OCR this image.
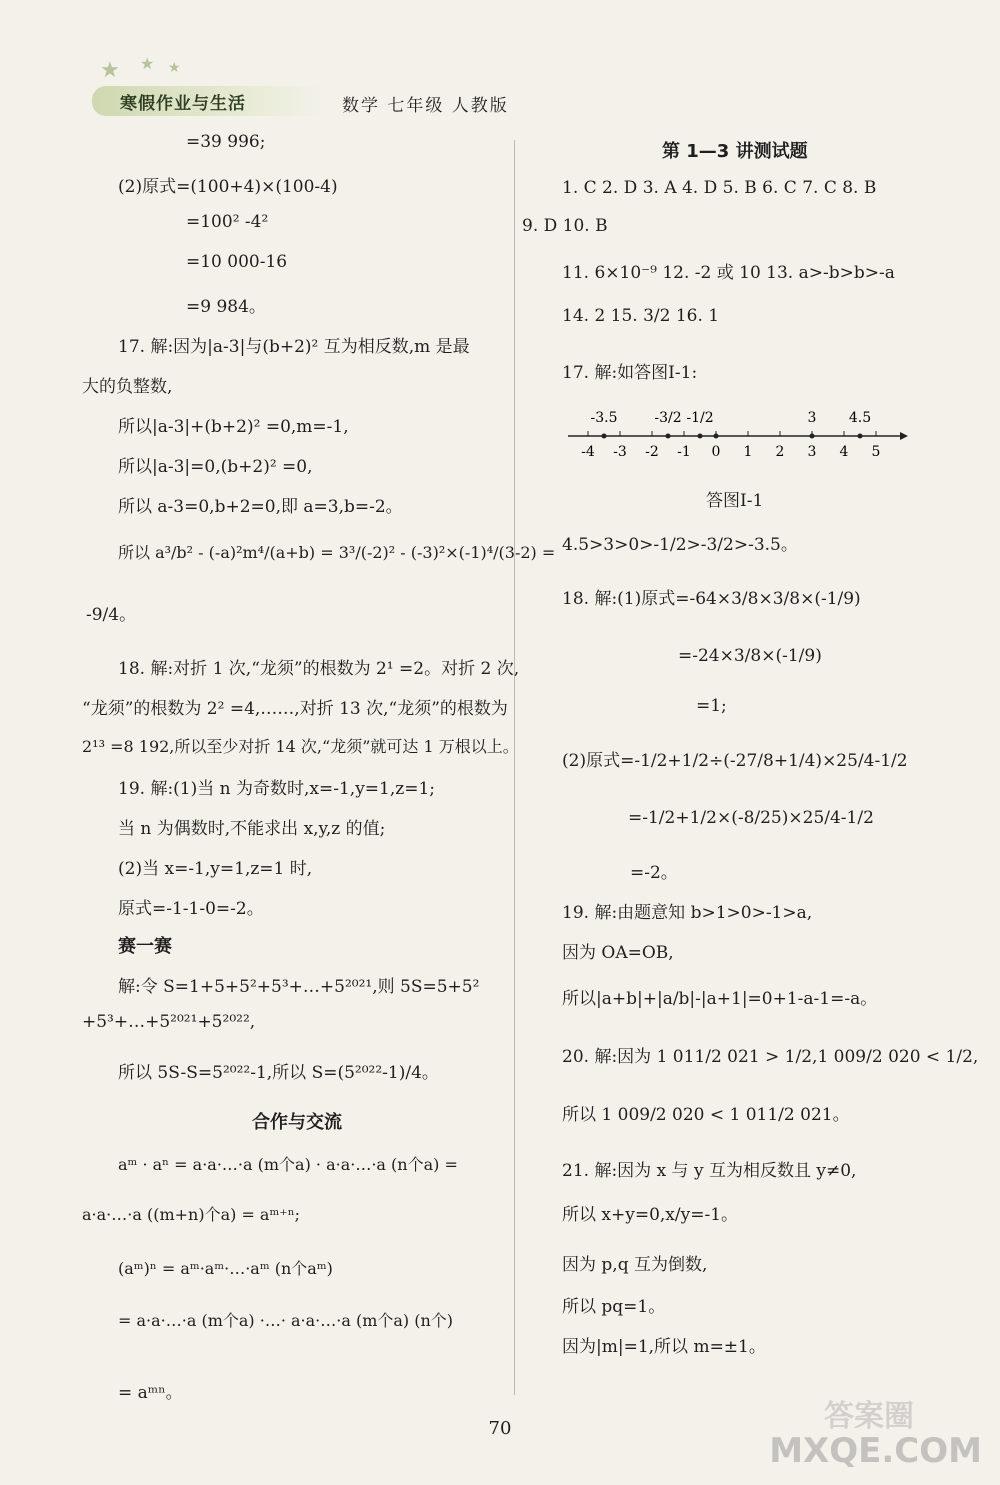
★ ★ ★
寒假作业与生活	数学 七年级 人教版
=39 996;
(2)原式=(100+4)×(100-4)
=100² -4²
=10 000-16
=9 984。
17. 解:因为|a-3|与(b+2)² 互为相反数,m 是最
大的负整数,
所以|a-3|+(b+2)² =0,m=-1,
所以|a-3|=0,(b+2)² =0,
所以 a-3=0,b+2=0,即 a=3,b=-2。
所以 a³/b² - (-a)²m⁴/(a+b) = 3³/(-2)² - (-3)²×(-1)⁴/(3-2) =
-9/4。
18. 解:对折 1 次,“龙须”的根数为 2¹ =2。对折 2 次,
“龙须”的根数为 2² =4,……,对折 13 次,“龙须”的根数为
2¹³ =8 192,所以至少对折 14 次,“龙须”就可达 1 万根以上。
19. 解:(1)当 n 为奇数时,x=-1,y=1,z=1;
当 n 为偶数时,不能求出 x,y,z 的值;
(2)当 x=-1,y=1,z=1 时,
原式=-1-1-0=-2。
赛一赛
解:令 S=1+5+5²+5³+…+5²⁰²¹,则 5S=5+5²
+5³+…+5²⁰²¹+5²⁰²²,
所以 5S-S=5²⁰²²-1,所以 S=(5²⁰²²-1)/4。
合作与交流
aᵐ · aⁿ = a·a·…·a (m个a) · a·a·…·a (n个a) =
a·a·…·a ((m+n)个a) = aᵐ⁺ⁿ;
(aᵐ)ⁿ = aᵐ·aᵐ·…·aᵐ (n个aᵐ)
= a·a·…·a (m个a) ·…· a·a·…·a (m个a) (n个)
= aᵐⁿ。
第 1—3 讲测试题
1. C 2. D 3. A 4. D 5. B 6. C 7. C 8. B
9. D 10. B
11. 6×10⁻⁹ 12. -2 或 10 13. a>-b>b>-a
14. 2 15. 3/2 16. 1
17. 解:如答图Ⅰ-1:
-4 -3 -2 -1 0 1 2 3 4 5
-3.5	-3/2 -1/2	3 4.5
答图Ⅰ-1
4.5>3>0>-1/2>-3/2>-3.5。
18. 解:(1)原式=-64×3/8×3/8×(-1/9)
=-24×3/8×(-1/9)
=1;
(2)原式=-1/2+1/2÷(-27/8+1/4)×25/4-1/2
=-1/2+1/2×(-8/25)×25/4-1/2
=-2。
19. 解:由题意知 b>1>0>-1>a,
因为 OA=OB,
所以|a+b|+|a/b|-|a+1|=0+1-a-1=-a。
20. 解:因为 1 011/2 021 > 1/2,1 009/2 020 < 1/2,
所以 1 009/2 020 < 1 011/2 021。
21. 解:因为 x 与 y 互为相反数且 y≠0,
所以 x+y=0,x/y=-1。
因为 p,q 互为倒数,
所以 pq=1。
因为|m|=1,所以 m=±1。
70	答案圈
MXQE.COM
